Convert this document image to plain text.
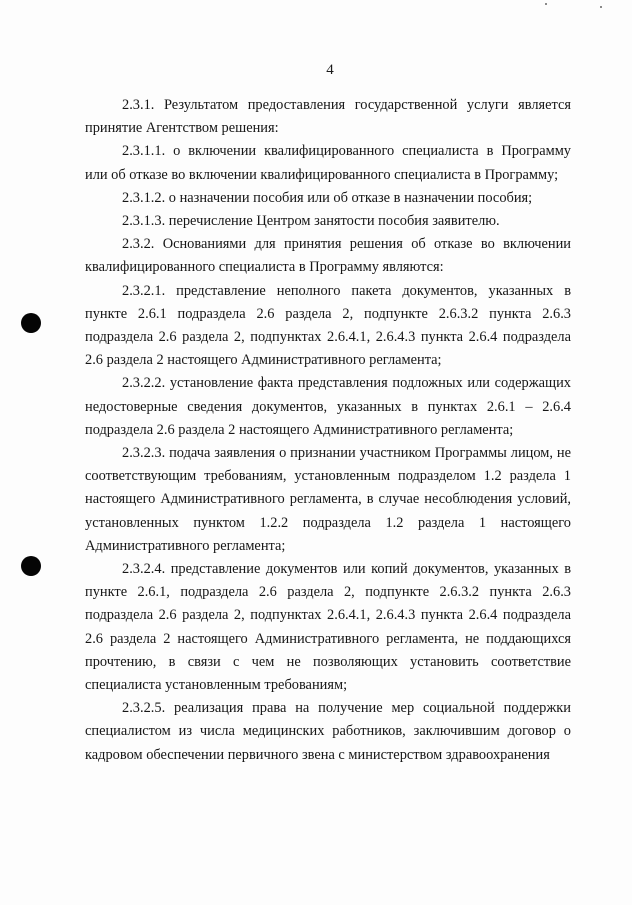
4

2.3.1. Результатом предоставления государственной услуги является принятие Агентством решения:

2.3.1.1. о включении квалифицированного специалиста в Программу или об отказе во включении квалифицированного специалиста в Программу;

2.3.1.2. о назначении пособия или об отказе в назначении пособия;

2.3.1.3. перечисление Центром занятости пособия заявителю.

2.3.2. Основаниями для принятия решения об отказе во включении квалифицированного специалиста в Программу являются:

2.3.2.1. представление неполного пакета документов, указанных в пункте 2.6.1 подраздела 2.6 раздела 2, подпункте 2.6.3.2 пункта 2.6.3 подраздела 2.6 раздела 2, подпунктах 2.6.4.1, 2.6.4.3 пункта 2.6.4 подраздела 2.6 раздела 2 настоящего Административного регламента;

2.3.2.2. установление факта представления подложных или содержащих недостоверные сведения документов, указанных в пунктах 2.6.1 – 2.6.4 подраздела 2.6 раздела 2 настоящего Административного регламента;

2.3.2.3. подача заявления о признании участником Программы лицом, не соответствующим требованиям, установленным подразделом 1.2 раздела 1 настоящего Административного регламента, в случае несоблюдения условий, установленных пунктом 1.2.2 подраздела 1.2 раздела 1 настоящего Административного регламента;

2.3.2.4. представление документов или копий документов, указанных в пункте 2.6.1, подраздела 2.6 раздела 2, подпункте 2.6.3.2 пункта 2.6.3 подраздела 2.6 раздела 2, подпунктах 2.6.4.1, 2.6.4.3 пункта 2.6.4 подраздела 2.6 раздела 2 настоящего Административного регламента, не поддающихся прочтению, в связи с чем не позволяющих установить соответствие специалиста установленным требованиям;

2.3.2.5. реализация права на получение мер социальной поддержки специалистом из числа медицинских работников, заключившим договор о кадровом обеспечении первичного звена с министерством здравоохранения
